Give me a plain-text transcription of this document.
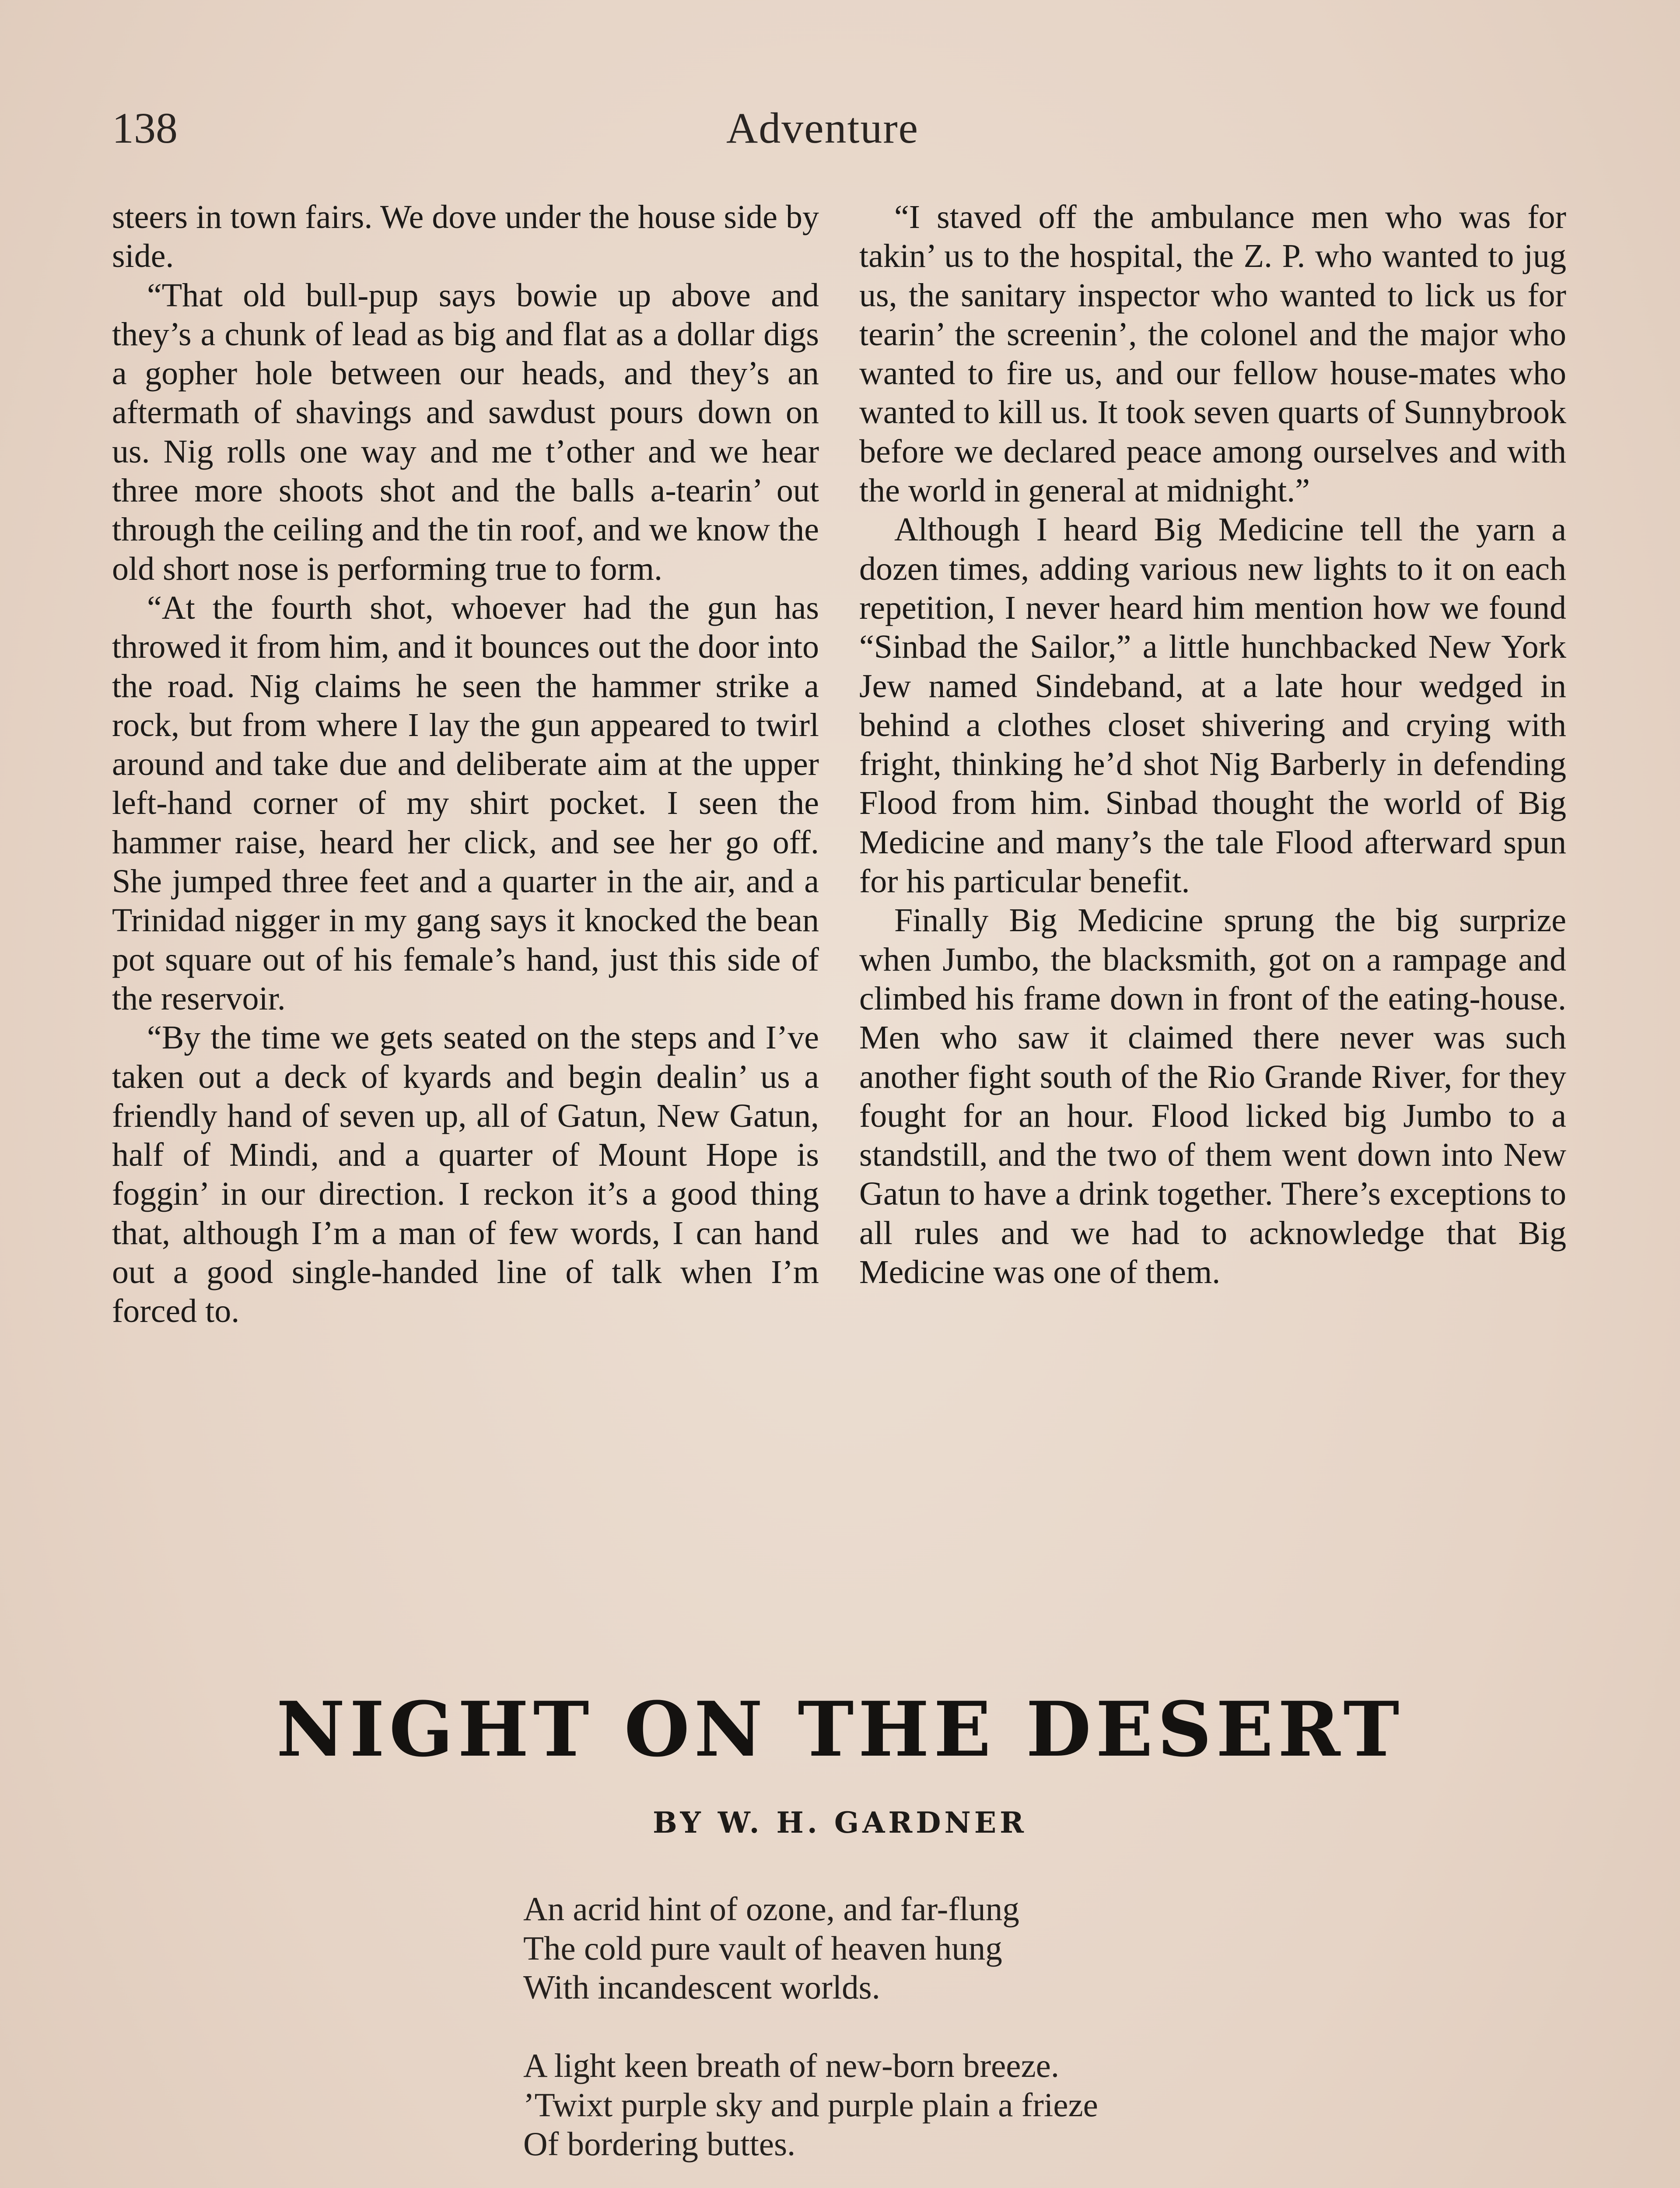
138	Adventure

steers in town fairs. We dove under the house side by side.

“That old bull-pup says bowie up above and they’s a chunk of lead as big and flat as a dollar digs a gopher hole between our heads, and they’s an aftermath of shavings and sawdust pours down on us. Nig rolls one way and me t’other and we hear three more shoots shot and the balls a-tearin’ out through the ceiling and the tin roof, and we know the old short nose is performing true to form.

“At the fourth shot, whoever had the gun has throwed it from him, and it bounces out the door into the road. Nig claims he seen the hammer strike a rock, but from where I lay the gun appeared to twirl around and take due and deliberate aim at the upper left-hand corner of my shirt pocket. I seen the hammer raise, heard her click, and see her go off. She jumped three feet and a quarter in the air, and a Trinidad nigger in my gang says it knocked the bean pot square out of his female’s hand, just this side of the reservoir.

“By the time we gets seated on the steps and I’ve taken out a deck of kyards and begin dealin’ us a friendly hand of seven up, all of Gatun, New Gatun, half of Mindi, and a quarter of Mount Hope is foggin’ in our direction. I reckon it’s a good thing that, although I’m a man of few words, I can hand out a good single-handed line of talk when I’m forced to.

“I staved off the ambulance men who was for takin’ us to the hospital, the Z. P. who wanted to jug us, the sanitary inspector who wanted to lick us for tearin’ the screenin’, the colonel and the major who wanted to fire us, and our fellow house-mates who wanted to kill us. It took seven quarts of Sunnybrook before we declared peace among ourselves and with the world in general at midnight.”

Although I heard Big Medicine tell the yarn a dozen times, adding various new lights to it on each repetition, I never heard him mention how we found “Sinbad the Sailor,” a little hunchbacked New York Jew named Sindeband, at a late hour wedged in behind a clothes closet shivering and crying with fright, thinking he’d shot Nig Barberly in defending Flood from him. Sinbad thought the world of Big Medicine and many’s the tale Flood afterward spun for his particular benefit.

Finally Big Medicine sprung the big surprize when Jumbo, the blacksmith, got on a rampage and climbed his frame down in front of the eating-house. Men who saw it claimed there never was such another fight south of the Rio Grande River, for they fought for an hour. Flood licked big Jumbo to a standstill, and the two of them went down into New Gatun to have a drink together. There’s exceptions to all rules and we had to acknowledge that Big Medicine was one of them.

NIGHT ON THE DESERT
BY W. H. GARDNER
An acrid hint of ozone, and far-flung
The cold pure vault of heaven hung
With incandescent worlds.
A light keen breath of new-born breeze.
’Twixt purple sky and purple plain a frieze
Of bordering buttes.
